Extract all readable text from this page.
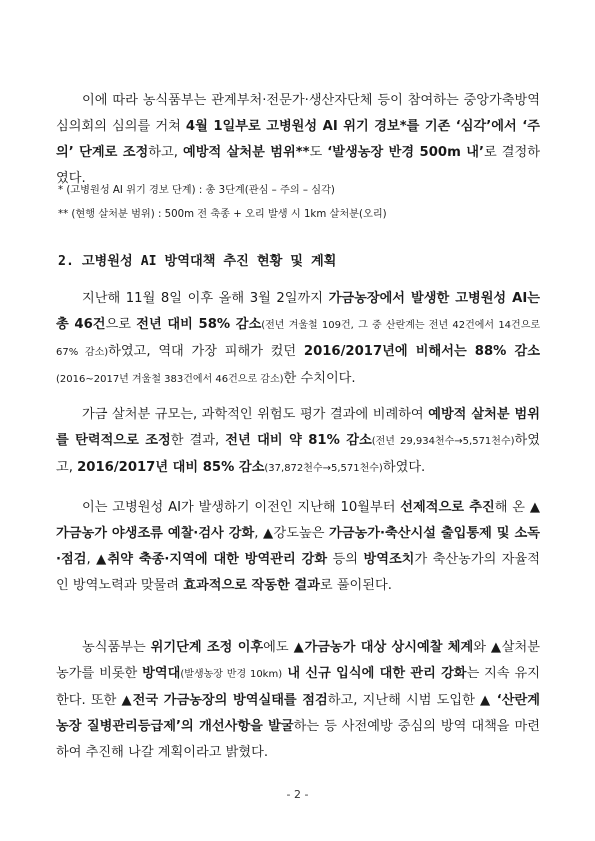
이에 따라 농식품부는 관계부처·전문가·생산자단체 등이 참여하는 중앙가축방역심의회의 심의를 거쳐 4월 1일부로 고병원성 AI 위기 경보*를 기존 ‘심각’에서 ‘주의’ 단계로 조정하고, 예방적 살처분 범위**도 ‘발생농장 반경 500m 내’로 결정하였다.
* (고병원성 AI 위기 경보 단계) : 총 3단계(관심 – 주의 – 심각)
** (현행 살처분 범위) : 500m 전 축종 + 오리 발생 시 1km 살처분(오리)
2. 고병원성 AI 방역대책 추진 현황 및 계획
지난해 11월 8일 이후 올해 3월 2일까지 가금농장에서 발생한 고병원성 AI는 총 46건으로 전년 대비 58% 감소(전년 겨울철 109건, 그 중 산란계는 전년 42건에서 14건으로 67% 감소)하였고, 역대 가장 피해가 컸던 2016/2017년에 비해서는 88% 감소(2016~2017년 겨울철 383건에서 46건으로 감소)한 수치이다.
가금 살처분 규모는, 과학적인 위험도 평가 결과에 비례하여 예방적 살처분 범위를 탄력적으로 조정한 결과, 전년 대비 약 81% 감소(전년 29,934천수→5,571천수)하였고, 2016/2017년 대비 85% 감소(37,872천수→5,571천수)하였다.
이는 고병원성 AI가 발생하기 이전인 지난해 10월부터 선제적으로 추진해 온 ▲가금농가 야생조류 예찰·검사 강화, ▲강도높은 가금농가·축산시설 출입통제 및 소독·점검, ▲취약 축종·지역에 대한 방역관리 강화 등의 방역조치가 축산농가의 자율적인 방역노력과 맞물려 효과적으로 작동한 결과로 풀이된다.
농식품부는 위기단계 조정 이후에도 ▲가금농가 대상 상시예찰 체계와 ▲살처분 농가를 비롯한 방역대(발생농장 반경 10km) 내 신규 입식에 대한 관리 강화는 지속 유지한다. 또한 ▲전국 가금농장의 방역실태를 점검하고, 지난해 시범 도입한 ▲ ‘산란계 농장 질병관리등급제’의 개선사항을 발굴하는 등 사전예방 중심의 방역 대책을 마련하여 추진해 나갈 계획이라고 밝혔다.
- 2 -
